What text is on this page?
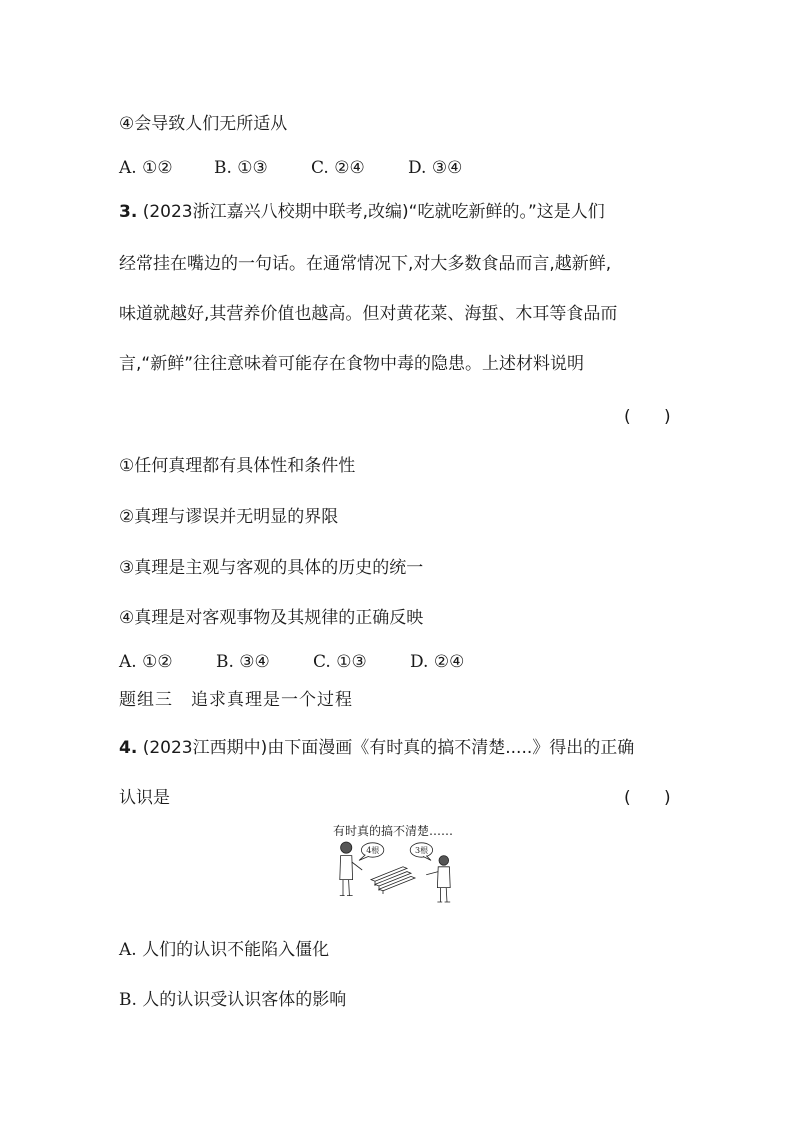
④会导致人们无所适从
A. ①② B. ①③	C. ②④	D. ③④
3. (2023浙江嘉兴八校期中联考,改编)“吃就吃新鲜的。”这是人们
经常挂在嘴边的一句话。在通常情况下,对大多数食品而言,越新鲜,
味道就越好,其营养价值也越高。但对黄花菜、海蜇、木耳等食品而
言,“新鲜”往往意味着可能存在食物中毒的隐患。上述材料说明
( )
①任何真理都有具体性和条件性
②真理与谬误并无明显的界限
③真理是主观与客观的具体的历史的统一
④真理是对客观事物及其规律的正确反映
A. ①②	B. ③④	C. ①③	D. ②④
题组三　追求真理是一个过程
4. (2023江西期中)由下面漫画《有时真的搞不清楚.....》得出的正确
认识是	( )
有时真的搞不清楚……
4根	3根
A. 人们的认识不能陷入僵化
B. 人的认识受认识客体的影响
